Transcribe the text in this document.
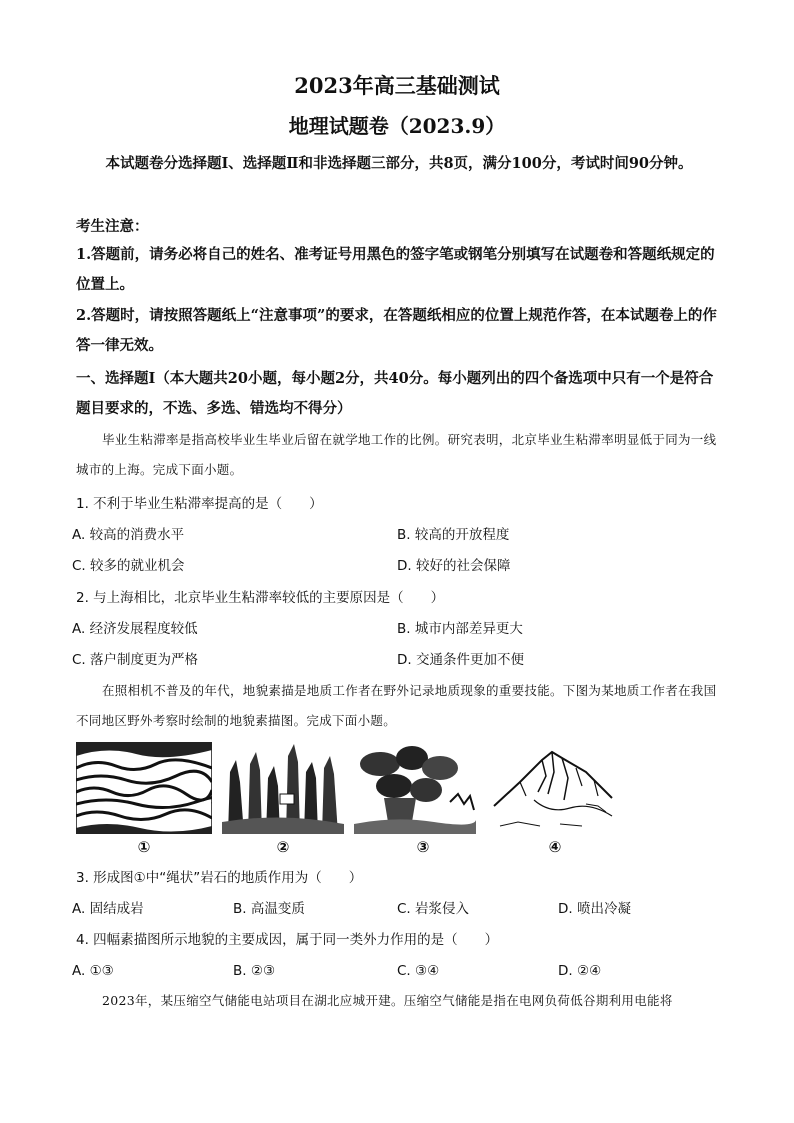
2023年高三基础测试
地理试题卷（2023.9）
本试题卷分选择题Ⅰ、选择题Ⅱ和非选择题三部分，共8页，满分100分，考试时间90分钟。
考生注意：
1.答题前，请务必将自己的姓名、准考证号用黑色的签字笔或钢笔分别填写在试题卷和答题纸规定的位置上。
2.答题时，请按照答题纸上“注意事项”的要求，在答题纸相应的位置上规范作答，在本试题卷上的作答一律无效。
一、选择题Ⅰ（本大题共20小题，每小题2分，共40分。每小题列出的四个备选项中只有一个是符合题目要求的，不选、多选、错选均不得分）
毕业生粘滞率是指高校毕业生毕业后留在就学地工作的比例。研究表明，北京毕业生粘滞率明显低于同为一线城市的上海。完成下面小题。
1. 不利于毕业生粘滞率提高的是（　　）
A. 较高的消费水平	B. 较高的开放程度
C. 较多的就业机会	D. 较好的社会保障
2. 与上海相比，北京毕业生粘滞率较低的主要原因是（　　）
A. 经济发展程度较低	B. 城市内部差异更大
C. 落户制度更为严格	D. 交通条件更加不便
在照相机不普及的年代，地貌素描是地质工作者在野外记录地质现象的重要技能。下图为某地质工作者在我国不同地区野外考察时绘制的地貌素描图。完成下面小题。
①	②	③	④
3. 形成图①中“绳状”岩石的地质作用为（　　）
A. 固结成岩	B. 高温变质	C. 岩浆侵入	D. 喷出冷凝
4. 四幅素描图所示地貌的主要成因，属于同一类外力作用的是（　　）
A. ①③	B. ②③	C. ③④	D. ②④
2023年，某压缩空气储能电站项目在湖北应城开建。压缩空气储能是指在电网负荷低谷期利用电能将
